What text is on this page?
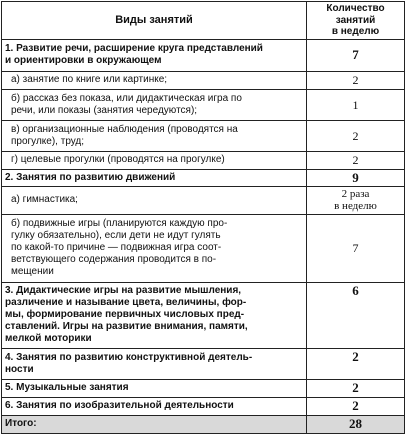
Виды занятий	Количество
занятий
в неделю

1. Развитие речи, расширение круга представлений
и ориентировки в окружающем	7

а) занятие по книге или картинке;	2

б) рассказ без показа, или дидактическая игра по
речи, или показы (занятия чередуются);	1

в) организационные наблюдения (проводятся на
прогулке), труд;	2

г) целевые прогулки (проводятся на прогулке)	2

2. Занятия по развитию движений	9

а) гимнастика;	2 раза
в неделю

б) подвижные игры (планируются каждую про-
гулку обязательно), если дети не идут гулять
по какой-то причине — подвижная игра соот-
ветствующего содержания проводится в по-
мещении	7

3. Дидактические игры на развитие мышления,
различение и называние цвета, величины, фор-
мы, формирование первичных числовых пред-
ставлений. Игры на развитие внимания, памяти,
мелкой моторики	6

4. Занятия по развитию конструктивной деятель-
ности	2

5. Музыкальные занятия	2

6. Занятия по изобразительной деятельности	2
Итого:	28
